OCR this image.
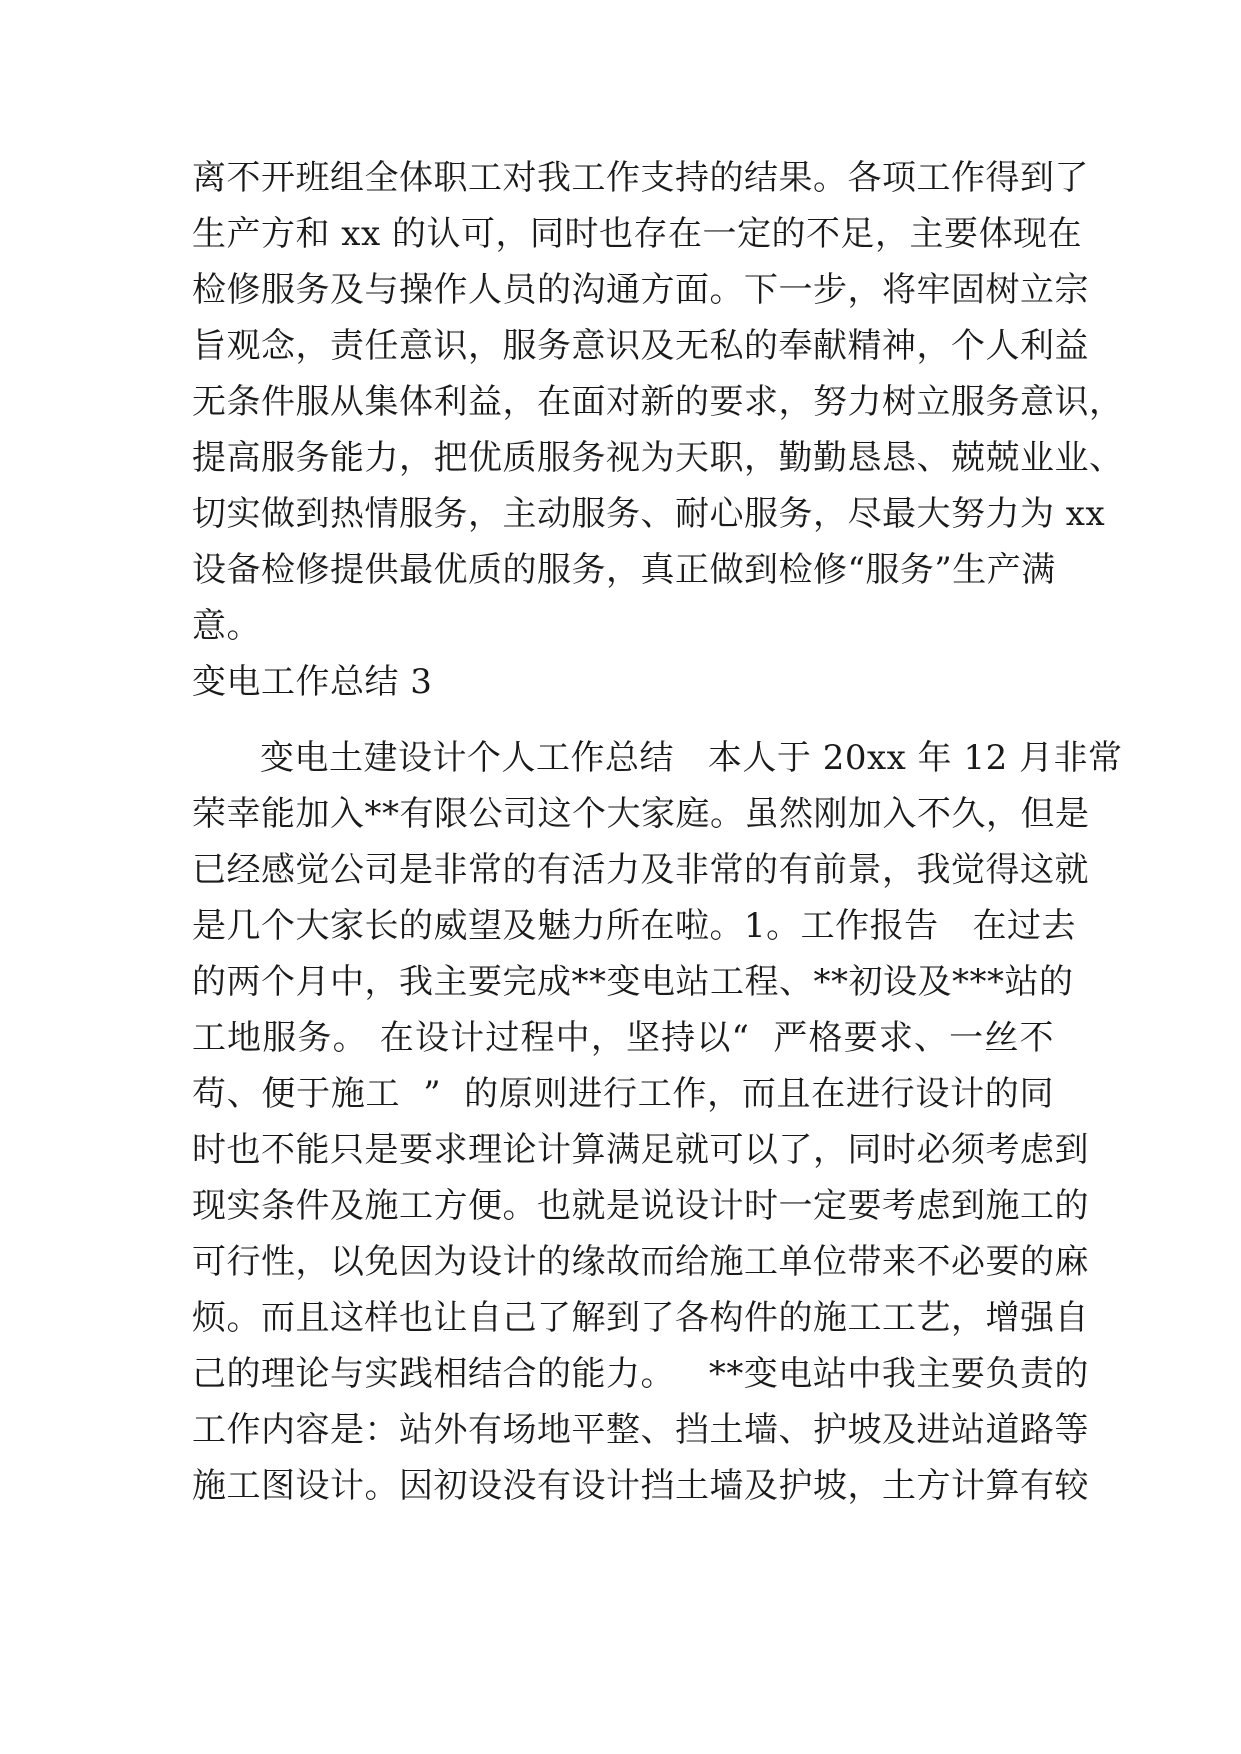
离不开班组全体职工对我工作支持的结果。各项工作得到了
生产方和 xx 的认可，同时也存在一定的不足，主要体现在
检修服务及与操作人员的沟通方面。下一步，将牢固树立宗
旨观念，责任意识，服务意识及无私的奉献精神，个人利益
无条件服从集体利益，在面对新的要求，努力树立服务意识，
提高服务能力，把优质服务视为天职，勤勤恳恳、兢兢业业、
切实做到热情服务，主动服务、耐心服务，尽最大努力为 xx
设备检修提供最优质的服务，真正做到检修“服务”生产满
意。
变电工作总结 3
变电土建设计个人工作总结   本人于 20xx 年 12 月非常
荣幸能加入**有限公司这个大家庭。虽然刚加入不久，但是
已经感觉公司是非常的有活力及非常的有前景，我觉得这就
是几个大家长的威望及魅力所在啦。1。工作报告   在过去
的两个月中，我主要完成**变电站工程、**初设及***站的
工地服务。 在设计过程中，坚持以“  严格要求、一丝不
苟、便于施工  ”  的原则进行工作，而且在进行设计的同
时也不能只是要求理论计算满足就可以了，同时必须考虑到
现实条件及施工方便。也就是说设计时一定要考虑到施工的
可行性，以免因为设计的缘故而给施工单位带来不必要的麻
烦。而且这样也让自己了解到了各构件的施工工艺，增强自
己的理论与实践相结合的能力。   **变电站中我主要负责的
工作内容是：站外有场地平整、挡土墙、护坡及进站道路等
施工图设计。因初设没有设计挡土墙及护坡，土方计算有较
